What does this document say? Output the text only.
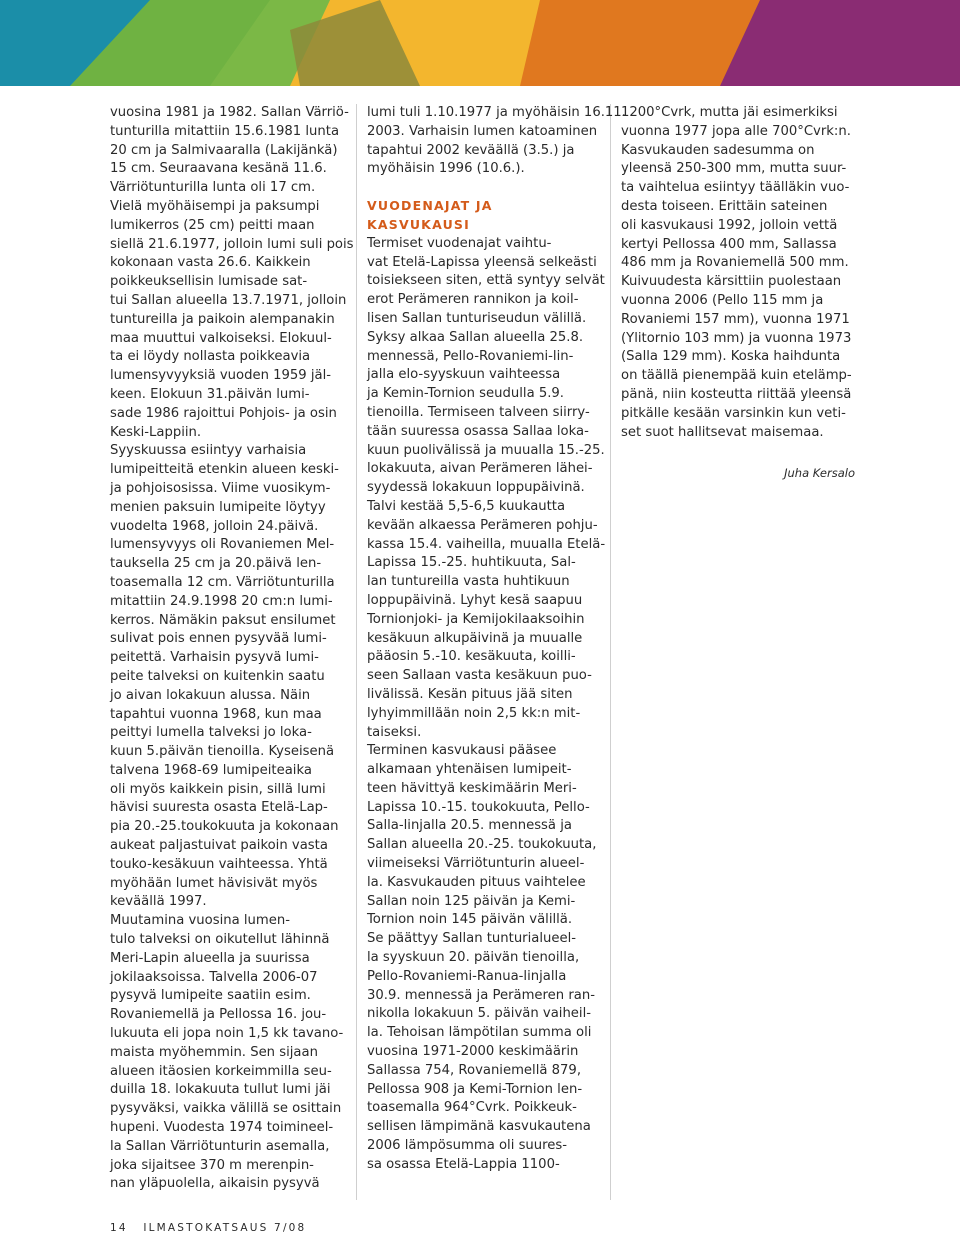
vuosina 1981 ja 1982. Sallan Värriö-

tunturilla mitattiin 15.6.1981 lunta

20 cm ja Salmivaaralla (Lakijänkä)

15 cm. Seuraavana kesänä 11.6.

Värriötunturilla lunta oli 17 cm.

Vielä myöhäisempi ja paksumpi

lumikerros (25 cm) peitti maan

siellä 21.6.1977, jolloin lumi suli pois

kokonaan vasta 26.6. Kaikkein

poikkeuksellisin lumisade sat-

tui Sallan alueella 13.7.1971, jolloin

tuntureilla ja paikoin alempanakin

maa muuttui valkoiseksi. Elokuul-

ta ei löydy nollasta poikkeavia

lumensyvyyksiä vuoden 1959 jäl-

keen. Elokuun 31.päivän lumi-

sade 1986 rajoittui Pohjois- ja osin

Keski-Lappiin.

Syyskuussa esiintyy varhaisia

lumipeitteitä etenkin alueen keski-

ja pohjoisosissa. Viime vuosikym-

menien paksuin lumipeite löytyy

vuodelta 1968, jolloin 24.päivä.

lumensyvyys oli Rovaniemen Mel-

tauksella 25 cm ja 20.päivä len-

toasemalla 12 cm. Värriötunturilla

mitattiin 24.9.1998 20 cm:n lumi-

kerros. Nämäkin paksut ensilumet

sulivat pois ennen pysyvää lumi-

peitettä. Varhaisin pysyvä lumi-

peite talveksi on kuitenkin saatu

jo aivan lokakuun alussa. Näin

tapahtui vuonna 1968, kun maa

peittyi lumella talveksi jo loka-

kuun 5.päivän tienoilla. Kyseisenä

talvena 1968-69 lumipeiteaika

oli myös kaikkein pisin, sillä lumi

hävisi suuresta osasta Etelä-Lap-

pia 20.-25.toukokuuta ja kokonaan

aukeat paljastuivat paikoin vasta

touko-kesäkuun vaihteessa. Yhtä

myöhään lumet hävisivät myös

keväällä 1997.

Muutamina vuosina lumen-

tulo talveksi on oikutellut lähinnä

Meri-Lapin alueella ja suurissa

jokilaaksoissa. Talvella 2006-07

pysyvä lumipeite saatiin esim.

Rovaniemellä ja Pellossa 16. jou-

lukuuta eli jopa noin 1,5 kk tavano-

maista myöhemmin. Sen sijaan

alueen itäosien korkeimmilla seu-

duilla 18. lokakuuta tullut lumi jäi

pysyväksi, vaikka välillä se osittain

hupeni. Vuodesta 1974 toimineel-

la Sallan Värriötunturin asemalla,

joka sijaitsee 370 m merenpin-

nan yläpuolella, aikaisin pysyvä

lumi tuli 1.10.1977 ja myöhäisin 16.11.

2003. Varhaisin lumen katoaminen

tapahtui 2002 keväällä (3.5.) ja

myöhäisin 1996 (10.6.).

VUODENAJAT JA

KASVUKAUSI

Termiset vuodenajat vaihtu-

vat Etelä-Lapissa yleensä selkeästi

toisiekseen siten, että syntyy selvät

erot Perämeren rannikon ja koil-

lisen Sallan tunturiseudun välillä.

Syksy alkaa Sallan alueella 25.8.

mennessä, Pello-Rovaniemi-lin-

jalla elo-syyskuun vaihteessa

ja Kemin-Tornion seudulla 5.9.

tienoilla. Termiseen talveen siirry-

tään suuressa osassa Sallaa loka-

kuun puolivälissä ja muualla 15.-25.

lokakuuta, aivan Perämeren lähei-

syydessä lokakuun loppupäivinä.

Talvi kestää 5,5-6,5 kuukautta

kevään alkaessa Perämeren pohju-

kassa 15.4. vaiheilla, muualla Etelä-

Lapissa 15.-25. huhtikuuta, Sal-

lan tuntureilla vasta huhtikuun

loppupäivinä. Lyhyt kesä saapuu

Tornionjoki- ja Kemijokilaaksoihin

kesäkuun alkupäivinä ja muualle

pääosin 5.-10. kesäkuuta, koilli-

seen Sallaan vasta kesäkuun puo-

livälissä. Kesän pituus jää siten

lyhyimmillään noin 2,5 kk:n mit-

taiseksi.

Terminen kasvukausi pääsee

alkamaan yhtenäisen lumipeit-

teen hävittyä keskimäärin Meri-

Lapissa 10.-15. toukokuuta, Pello-

Salla-linjalla 20.5. mennessä ja

Sallan alueella 20.-25. toukokuuta,

viimeiseksi Värriötunturin alueel-

la. Kasvukauden pituus vaihtelee

Sallan noin 125 päivän ja Kemi-

Tornion noin 145 päivän välillä.

Se päättyy Sallan tunturialueel-

la syyskuun 20. päivän tienoilla,

Pello-Rovaniemi-Ranua-linjalla

30.9. mennessä ja Perämeren ran-

nikolla lokakuun 5. päivän vaiheil-

la. Tehoisan lämpötilan summa oli

vuosina 1971-2000 keskimäärin

Sallassa 754, Rovaniemellä 879,

Pellossa 908 ja Kemi-Tornion len-

toasemalla 964°Cvrk. Poikkeuk-

sellisen lämpimänä kasvukautena

2006 lämpösumma oli suures-

sa osassa Etelä-Lappia 1100-

1200°Cvrk, mutta jäi esimerkiksi

vuonna 1977 jopa alle 700°Cvrk:n.

Kasvukauden sadesumma on

yleensä 250-300 mm, mutta suur-

ta vaihtelua esiintyy täälläkin vuo-

desta toiseen. Erittäin sateinen

oli kasvukausi 1992, jolloin vettä

kertyi Pellossa 400 mm, Sallassa

486 mm ja Rovaniemellä 500 mm.

Kuivuudesta kärsittiin puolestaan

vuonna 2006 (Pello 115 mm ja

Rovaniemi 157 mm), vuonna 1971

(Ylitornio 103 mm) ja vuonna 1973

(Salla 129 mm). Koska haihdunta

on täällä pienempää kuin etelämp-

pänä, niin kosteutta riittää yleensä

pitkälle kesään varsinkin kun veti-

set suot hallitsevat maisemaa.

Juha Kersalo
14 ILMASTOKATSAUS 7/08
